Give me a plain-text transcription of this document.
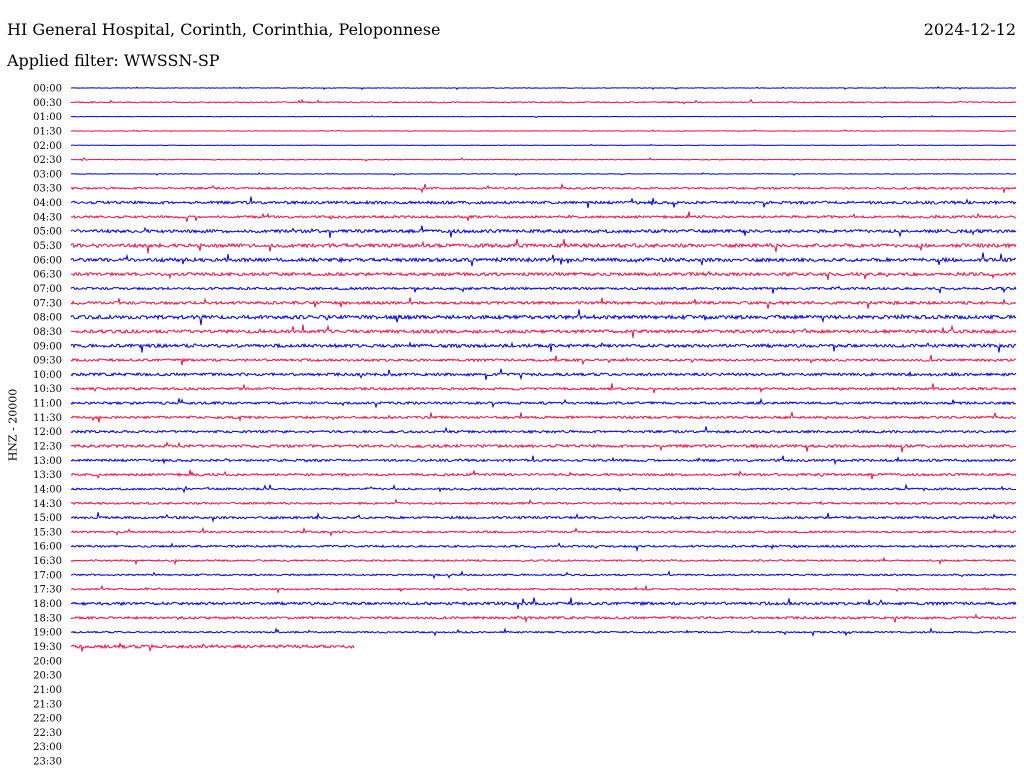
HI General Hospital, Corinth, Corinthia, Peloponnese	2024-12-12
Applied filter: WWSSN-SP
HNZ - 20000
00:00
00:30
01:00
01:30
02:00
02:30
03:00
03:30
04:00
04:30
05:00
05:30
06:00
06:30
07:00
07:30
08:00
08:30
09:00
09:30
10:00
10:30
11:00
11:30
12:00
12:30
13:00
13:30
14:00
14:30
15:00
15:30
16:00
16:30
17:00
17:30
18:00
18:30
19:00
19:30
20:00
20:30
21:00
21:30
22:00
22:30
23:00
23:30
